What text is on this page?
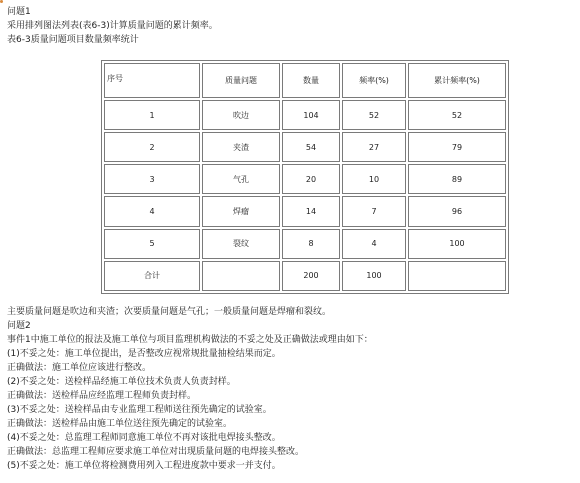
问题1
采用排列图法列表(表6-3)计算质量问题的累计频率。
表6-3质量问题项目数量频率统计
序号	质量问题	数量	频率(%)	累计频率(%)
1	吹边	104	52	52
2	夹渣	54	27	79
3	气孔	20	10	89
4	焊瘤	14	7	96
5	裂纹	8	4	100
合计		200	100	
主要质量问题是吹边和夹渣；次要质量问题是气孔；一般质量问题是焊瘤和裂纹。
问题2
事件1中施工单位的报法及施工单位与项目监理机构做法的不妥之处及正确做法或理由如下：
(1)不妥之处：施工单位提出，是否整改应视常规批量抽检结果而定。
正确做法：施工单位应该进行整改。
(2)不妥之处：送检样品经施工单位技术负责人负责封样。
正确做法：送检样品应经监理工程师负责封样。
(3)不妥之处：送检样品由专业监理工程师送往预先确定的试验室。
正确做法：送检样品由施工单位送往预先确定的试验室。
(4)不妥之处：总监理工程师同意施工单位不再对该批电焊接头整改。
正确做法：总监理工程师应要求施工单位对出现质量问题的电焊接头整改。
(5)不妥之处：施工单位将检测费用列入工程进度款中要求一并支付。
